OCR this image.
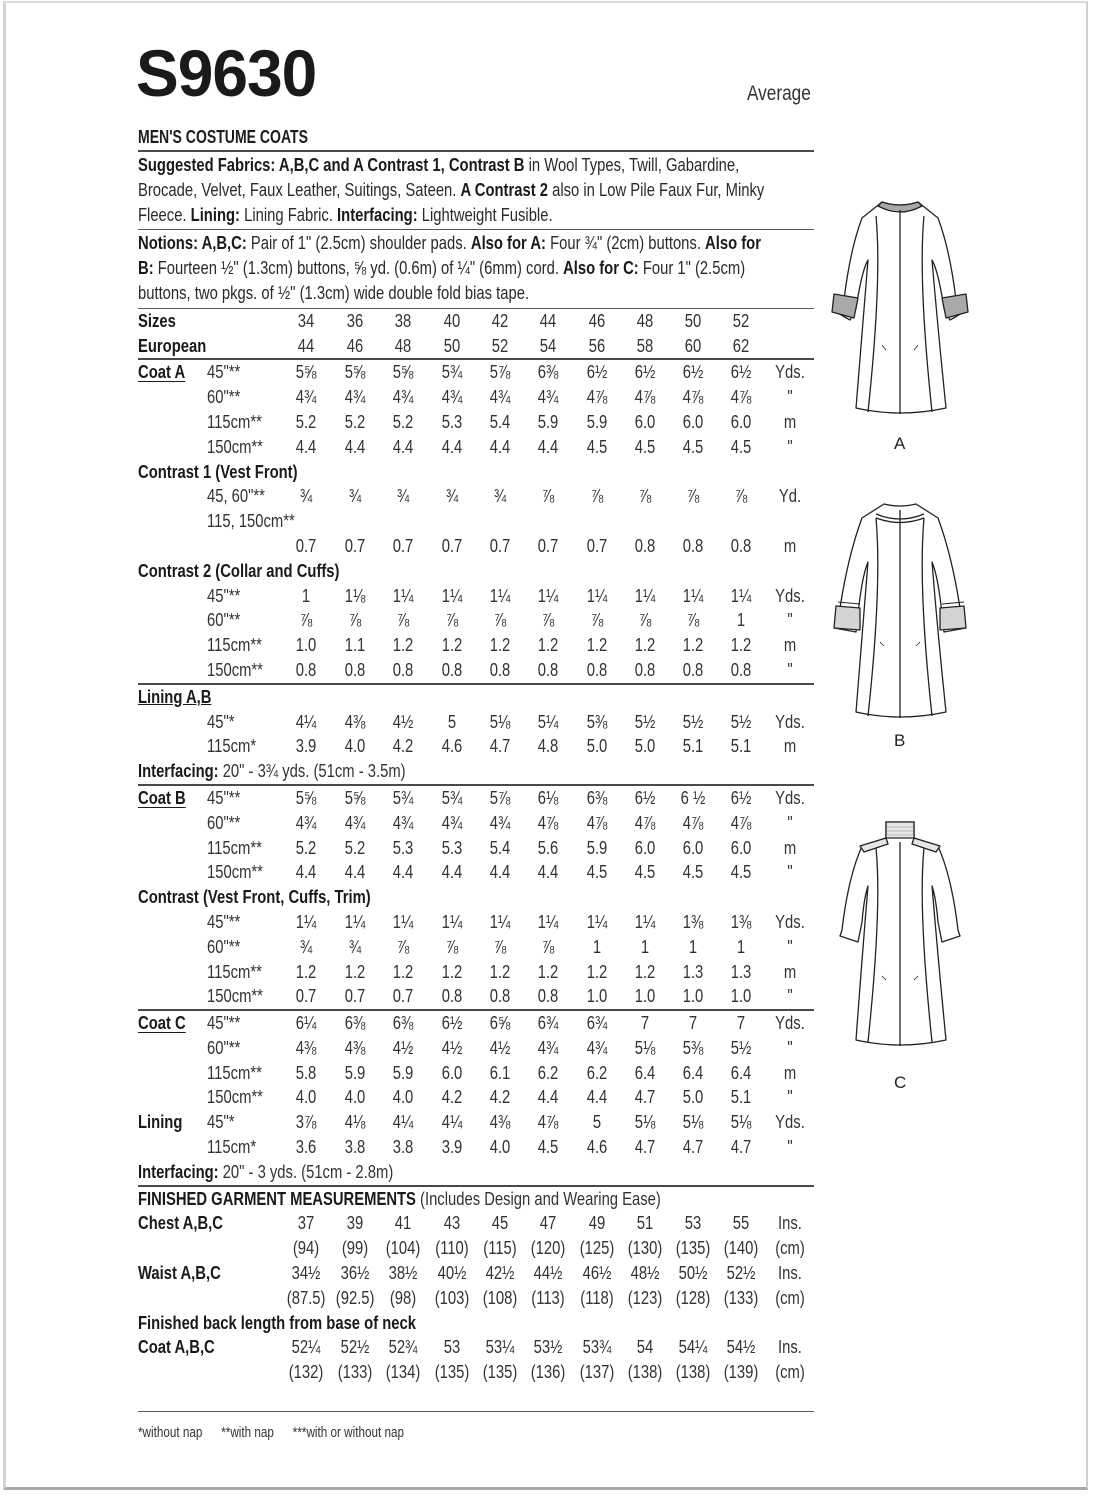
S9630	Average
MEN'S COSTUME COATS
Suggested Fabrics: A,B,C and A Contrast 1, Contrast B in Wool Types, Twill, Gabardine,
Brocade, Velvet, Faux Leather, Suitings, Sateen. A Contrast 2 also in Low Pile Faux Fur, Minky
Fleece. Lining: Lining Fabric. Interfacing: Lightweight Fusible.
Notions: A,B,C: Pair of 1" (2.5cm) shoulder pads. Also for A: Four ¾" (2cm) buttons. Also for
B: Fourteen ½" (1.3cm) buttons, ⅝ yd. (0.6m) of ¼" (6mm) cord. Also for C: Four 1" (2.5cm)
buttons, two pkgs. of ½" (1.3cm) wide double fold bias tape.
Sizes	34	36	38	40	42	44	46	48	50	52
European	44	46	48	50	52	54	56	58	60	62
Coat A 45"**	5⅝	5⅝	5⅝	5¾	5⅞	6⅜	6½	6½	6½	6½	Yds.
60"**	4¾	4¾	4¾	4¾	4¾	4¾	4⅞	4⅞	4⅞	4⅞	"
115cm**	5.2	5.2	5.2	5.3	5.4	5.9	5.9	6.0	6.0	6.0	m
150cm**	4.4	4.4	4.4	4.4	4.4	4.4	4.5	4.5	4.5	4.5	"
Contrast 1 (Vest Front)
45, 60"**	¾	¾	¾	¾	¾	⅞	⅞	⅞	⅞	⅞	Yd.
115, 150cm**
0.7	0.7	0.7	0.7	0.7	0.7	0.7	0.8	0.8	0.8	m
Contrast 2 (Collar and Cuffs)
45"**	1	1⅛	1¼	1¼	1¼	1¼	1¼	1¼	1¼	1¼	Yds.
60"**	⅞	⅞	⅞	⅞	⅞	⅞	⅞	⅞	⅞	1	"
115cm**	1.0	1.1	1.2	1.2	1.2	1.2	1.2	1.2	1.2	1.2	m
150cm**	0.8	0.8	0.8	0.8	0.8	0.8	0.8	0.8	0.8	0.8	"
Lining A,B
45"*	4¼	4⅜	4½	5	5⅛	5¼	5⅜	5½	5½	5½	Yds.
115cm*	3.9	4.0	4.2	4.6	4.7	4.8	5.0	5.0	5.1	5.1	m
Interfacing: 20" - 3¾ yds. (51cm - 3.5m)
Coat B 45"**	5⅝	5⅝	5¾	5¾	5⅞	6⅛	6⅜	6½	6 ½	6½	Yds.
60"**	4¾	4¾	4¾	4¾	4¾	4⅞	4⅞	4⅞	4⅞	4⅞	"
115cm**	5.2	5.2	5.3	5.3	5.4	5.6	5.9	6.0	6.0	6.0	m
150cm**	4.4	4.4	4.4	4.4	4.4	4.4	4.5	4.5	4.5	4.5	"
Contrast (Vest Front, Cuffs, Trim)
45"**	1¼	1¼	1¼	1¼	1¼	1¼	1¼	1¼	1⅜	1⅜	Yds.
60"**	¾	¾	⅞	⅞	⅞	⅞	1	1	1	1	"
115cm**	1.2	1.2	1.2	1.2	1.2	1.2	1.2	1.2	1.3	1.3	m
150cm**	0.7	0.7	0.7	0.8	0.8	0.8	1.0	1.0	1.0	1.0	"
Coat C 45"**	6¼	6⅜	6⅜	6½	6⅝	6¾	6¾	7	7	7	Yds.
60"**	4⅜	4⅜	4½	4½	4½	4¾	4¾	5⅛	5⅜	5½	"
115cm**	5.8	5.9	5.9	6.0	6.1	6.2	6.2	6.4	6.4	6.4	m
150cm**	4.0	4.0	4.0	4.2	4.2	4.4	4.4	4.7	5.0	5.1	"
Lining 45"*	3⅞	4⅛	4¼	4¼	4⅜	4⅞	5	5⅛	5⅛	5⅛	Yds.
115cm*	3.6	3.8	3.8	3.9	4.0	4.5	4.6	4.7	4.7	4.7	"
Interfacing: 20" - 3 yds. (51cm - 2.8m)
FINISHED GARMENT MEASUREMENTS (Includes Design and Wearing Ease)
Chest A,B,C	37	39	41	43	45	47	49	51	53	55	Ins.
(94)	(99) (104) (110) (115) (120) (125) (130) (135) (140) (cm)
Waist A,B,C	34½ 36½ 38½ 40½ 42½ 44½ 46½ 48½ 50½ 52½	Ins.
(87.5) (92.5) (98)	(103) (108) (113) (118) (123) (128) (133) (cm)
Finished back length from base of neck
Coat A,B,C	52¼ 52½ 52¾	53	53¼ 53½ 53¾	54	54¼ 54½	Ins.
(132) (133) (134) (135) (135) (136) (137) (138) (138) (139) (cm)
*without nap **with nap ***with or without nap
A
B
C
